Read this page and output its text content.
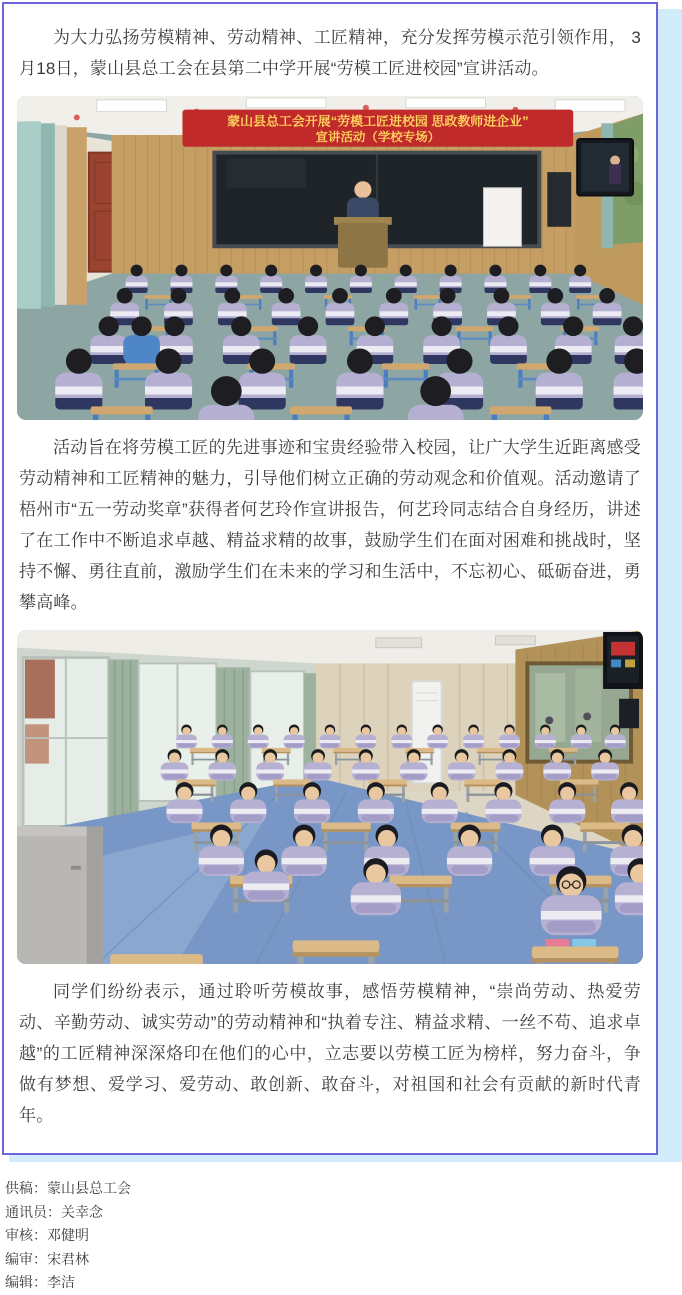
为大力弘扬劳模精神、劳动精神、工匠精神，充分发挥劳模示范引领作用， 3月18日，蒙山县总工会在县第二中学开展“劳模工匠进校园”宣讲活动。

蒙山县总工会开展“劳模工匠进校园 思政教师进企业”
宣讲活动（学校专场）

活动旨在将劳模工匠的先进事迹和宝贵经验带入校园，让广大学生近距离感受劳动精神和工匠精神的魅力，引导他们树立正确的劳动观念和价值观。活动邀请了梧州市“五一劳动奖章”获得者何艺玲作宣讲报告，何艺玲同志结合自身经历，讲述了在工作中不断追求卓越、精益求精的故事，鼓励学生们在面对困难和挑战时，坚持不懈、勇往直前，激励学生们在未来的学习和生活中，不忘初心、砥砺奋进，勇攀高峰。

同学们纷纷表示，通过聆听劳模故事，感悟劳模精神，“崇尚劳动、热爱劳动、辛勤劳动、诚实劳动”的劳动精神和“执着专注、精益求精、一丝不苟、追求卓越”的工匠精神深深烙印在他们的心中，立志要以劳模工匠为榜样，努力奋斗，争做有梦想、爱学习、爱劳动、敢创新、敢奋斗，对祖国和社会有贡献的新时代青年。

供稿：蒙山县总工会
通讯员：关幸念
审核：邓健明
编审：宋君林
编辑：李洁
